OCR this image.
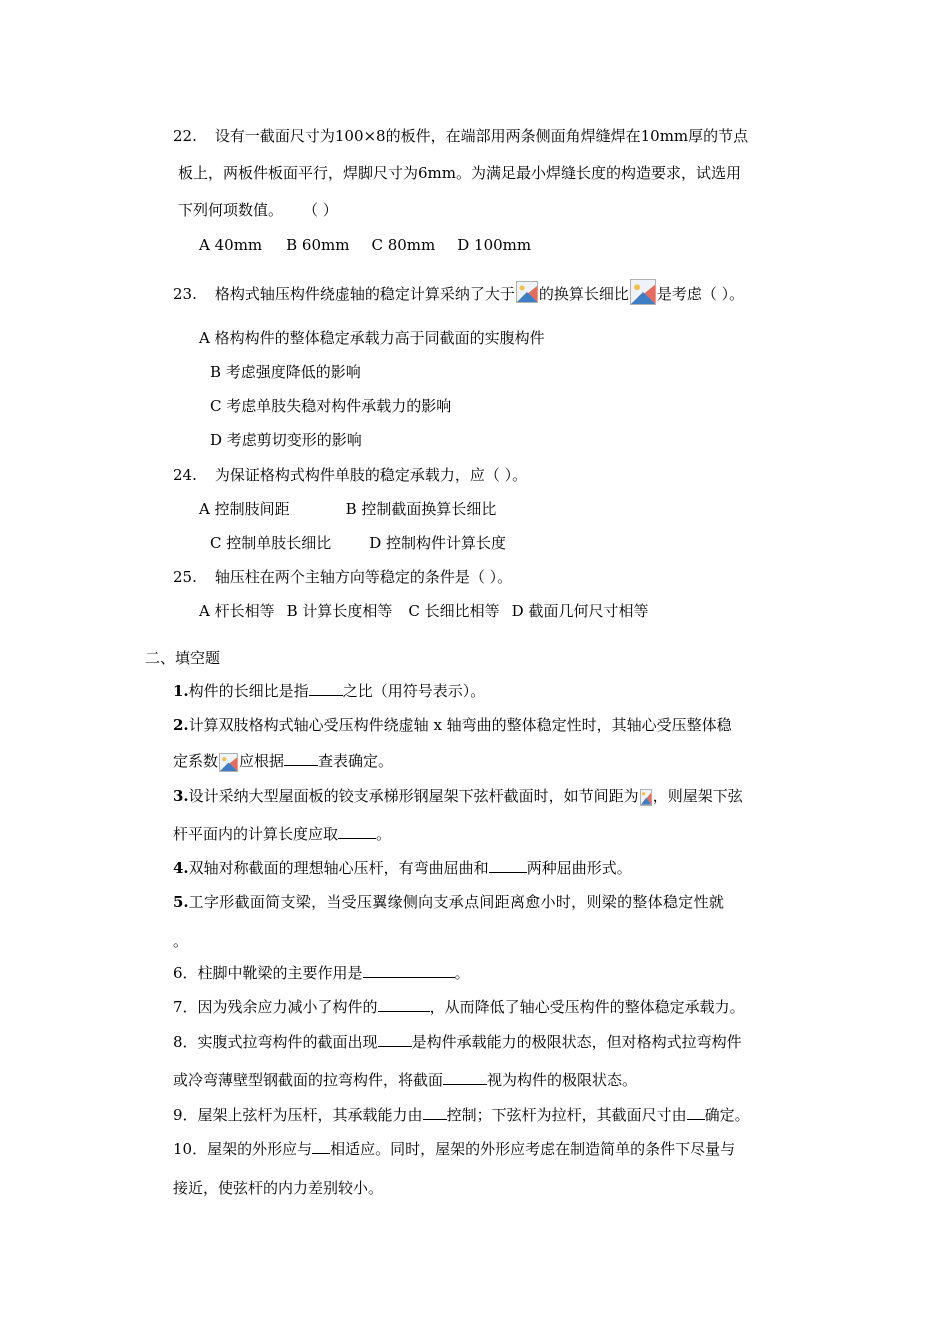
22. 设有一截面尺寸为100×8的板件，在端部用两条侧面角焊缝焊在10mm厚的节点
板上，两板件板面平行，焊脚尺寸为6mm。为满足最小焊缝长度的构造要求，试选用
下列何项数值。 （ ）
A 40mm B 60mm C 80mm D 100mm
23. 格构式轴压构件绕虚轴的稳定计算采纳了大于 的换算长细比 是考虑（ ）。
A 格构构件的整体稳定承载力高于同截面的实腹构件
B 考虑强度降低的影响
C 考虑单肢失稳对构件承载力的影响
D 考虑剪切变形的影响
24. 为保证格构式构件单肢的稳定承载力，应（ ）。
A 控制肢间距	B 控制截面换算长细比
C 控制单肢长细比	D 控制构件计算长度
25. 轴压柱在两个主轴方向等稳定的条件是（ ）。
A 杆长相等 B 计算长度相等 C 长细比相等 D 截面几何尺寸相等
二、填空题
1.构件的长细比是指 之比（用符号表示）。
2.计算双肢格构式轴心受压构件绕虚轴 x 轴弯曲的整体稳定性时，其轴心受压整体稳
定系数 应根据 查表确定。
3.设计采纳大型屋面板的铰支承梯形钢屋架下弦杆截面时，如节间距为 ，则屋架下弦
杆平面内的计算长度应取	。
4.双轴对称截面的理想轴心压杆，有弯曲屈曲和	两种屈曲形式。
5.工字形截面简支梁，当受压翼缘侧向支承点间距离愈小时，则梁的整体稳定性就
。
6．柱脚中靴梁的主要作用是	。
7．因为残余应力减小了构件的	，从而降低了轴心受压构件的整体稳定承载力。
8．实腹式拉弯构件的截面出现 是构件承载能力的极限状态，但对格构式拉弯构件
或冷弯薄壁型钢截面的拉弯构件，将截面	视为构件的极限状态。
9．屋架上弦杆为压杆，其承载能力由 控制；下弦杆为拉杆，其截面尺寸由 确定。
10．屋架的外形应与 相适应。同时，屋架的外形应考虑在制造简单的条件下尽量与
接近，使弦杆的内力差别较小。
